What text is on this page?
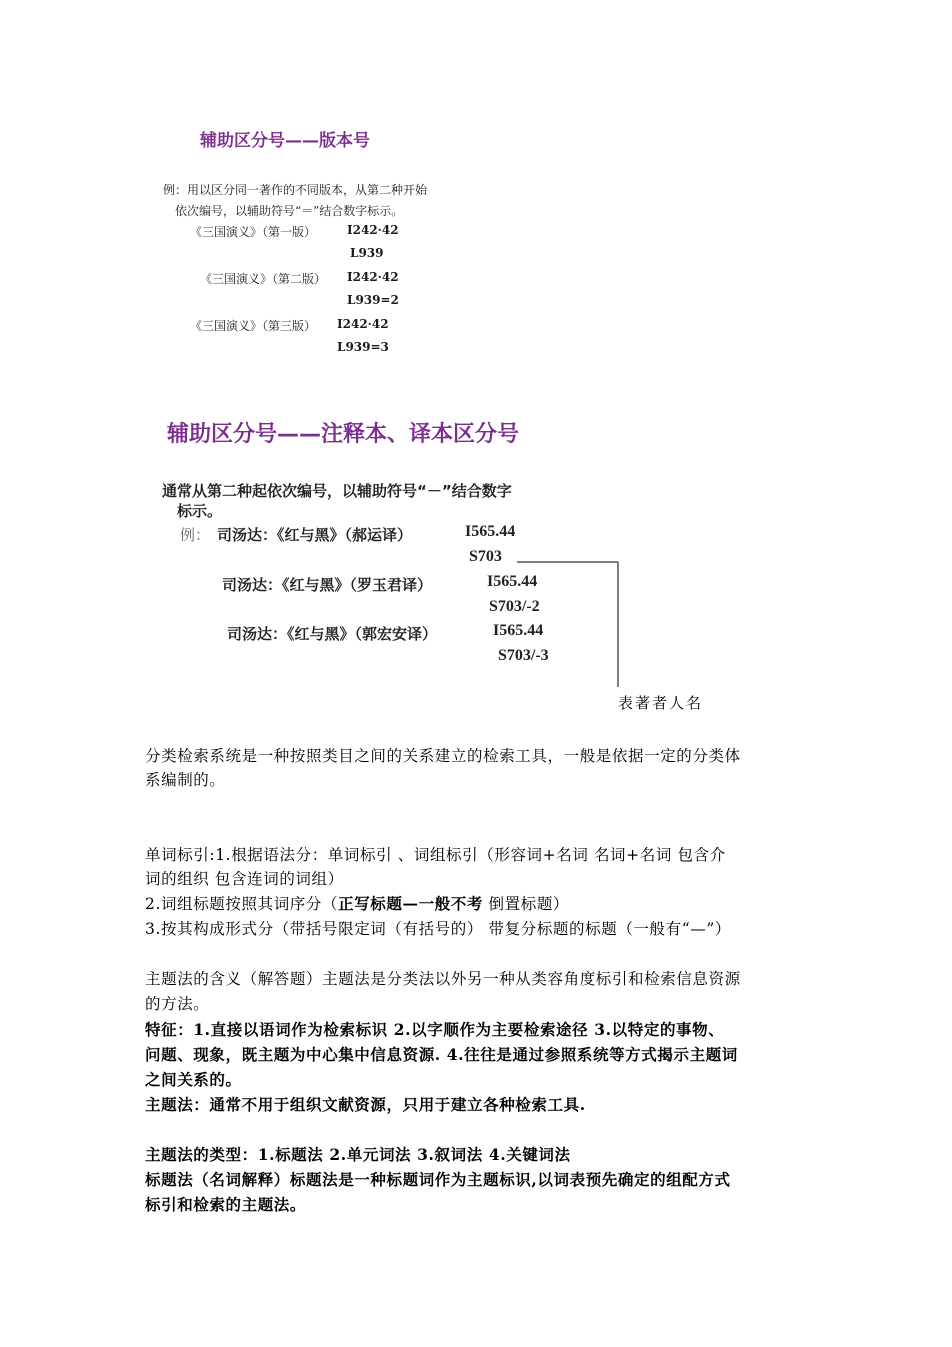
辅助区分号——版本号
例：用以区分同一著作的不同版本，从第二种开始
依次编号，以辅助符号“＝”结合数字标示。
《三国演义》（第一版）	I242·42
L939
《三国演义》（第二版） I242·42
L939=2
《三国演义》（第三版） I242·42
L939=3
辅助区分号——注释本、译本区分号
通常从第二种起依次编号，以辅助符号“－”结合数字
标示。
例： 司汤达：《红与黑》（郝运译）	I565.44
S703
司汤达：《红与黑》（罗玉君译）	I565.44
S703/-2
司汤达：《红与黑》（郭宏安译）	I565.44
S703/-3
表著者人名
分类检索系统是一种按照类目之间的关系建立的检索工具，一般是依据一定的分类体
系编制的。
单词标引:1.根据语法分：单词标引 、词组标引（形容词+名词 名词+名词 包含介
词的组织 包含连词的词组）
2.词组标题按照其词序分（正写标题—一般不考 倒置标题）
3.按其构成形式分（带括号限定词（有括号的） 带复分标题的标题（一般有“—”）
主题法的含义（解答题）主题法是分类法以外另一种从类容角度标引和检索信息资源
的方法。
特征：1.直接以语词作为检索标识 2.以字顺作为主要检索途径 3.以特定的事物、
问题、现象，既主题为中心集中信息资源. 4.往往是通过参照系统等方式揭示主题词
之间关系的。
主题法：通常不用于组织文献资源，只用于建立各种检索工具.
主题法的类型：1.标题法 2.单元词法 3.叙词法 4.关键词法
标题法（名词解释）标题法是一种标题词作为主题标识,以词表预先确定的组配方式
标引和检索的主题法。
